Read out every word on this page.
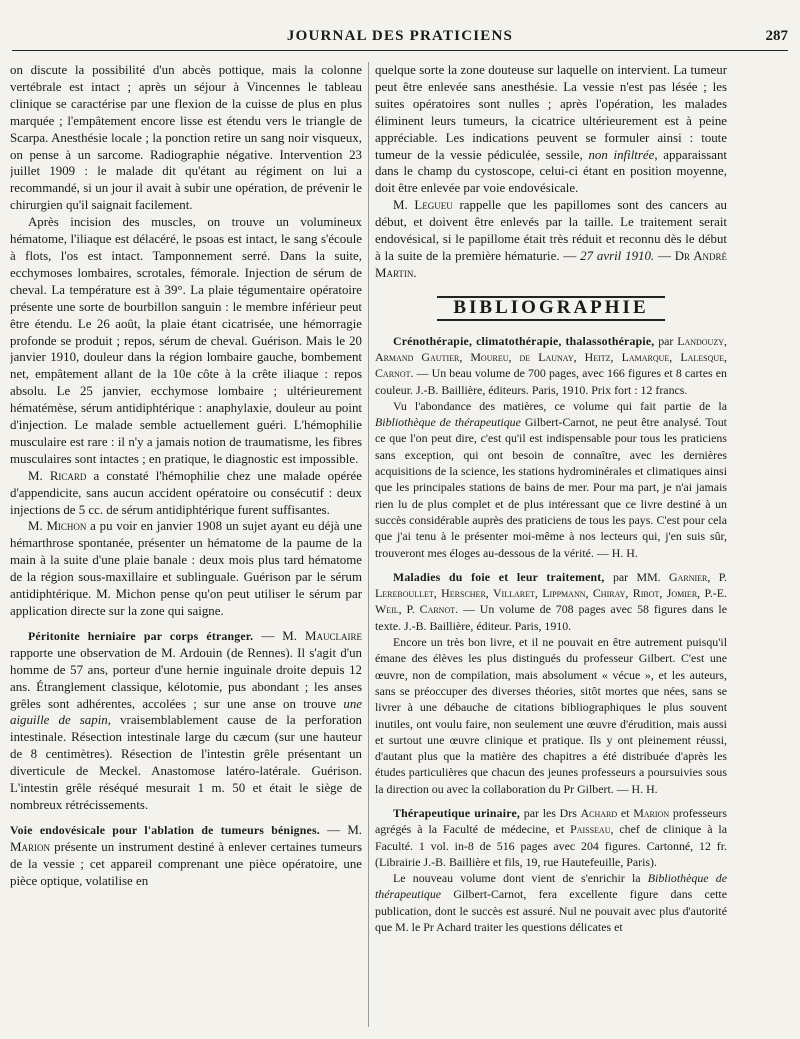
JOURNAL DES PRATICIENS	287

on discute la possibilité d'un abcès pottique, mais la colonne vertébrale est intact ; après un séjour à Vincennes le tableau clinique se caractérise par une flexion de la cuisse de plus en plus marquée ; l'empâtement encore lisse est étendu vers le triangle de Scarpa. Anesthésie locale ; la ponction retire un sang noir visqueux, on pense à un sarcome. Radiographie négative. Intervention 23 juillet 1909 : le malade dit qu'étant au régiment on lui a recommandé, si un jour il avait à subir une opération, de prévenir le chirurgien qu'il saignait facilement.

Après incision des muscles, on trouve un volumineux hématome, l'iliaque est délacéré, le psoas est intact, le sang s'écoule à flots, l'os est intact. Tamponnement serré. Dans la suite, ecchymoses lombaires, scrotales, fémorale. Injection de sérum de cheval. La température est à 39°. La plaie tégumentaire opératoire présente une sorte de bourbillon sanguin : le membre inférieur peut être étendu. Le 26 août, la plaie étant cicatrisée, une hémorragie profonde se produit ; repos, sérum de cheval. Guérison. Mais le 20 janvier 1910, douleur dans la région lombaire gauche, bombement net, empâtement allant de la 10e côte à la crête iliaque : repos absolu. Le 25 janvier, ecchymose lombaire ; ultérieurement hématémèse, sérum antidiphtérique : anaphylaxie, douleur au point d'injection. Le malade semble actuellement guéri. L'hémophilie musculaire est rare : il n'y a jamais notion de traumatisme, les fibres musculaires sont intactes ; en pratique, le diagnostic est impossible.

M. Ricard a constaté l'hémophilie chez une malade opérée d'appendicite, sans aucun accident opératoire ou consécutif : deux injections de 5 cc. de sérum antidiphtérique furent suffisantes.

M. Michon a pu voir en janvier 1908 un sujet ayant eu déjà une hémarthrose spontanée, présenter un hématome de la paume de la main à la suite d'une plaie banale : deux mois plus tard hématome de la région sous-maxillaire et sublinguale. Guérison par le sérum antidiphtérique. M. Michon pense qu'on peut utiliser le sérum par application directe sur la zone qui saigne.

Péritonite herniaire par corps étranger. — M. Mauclaire rapporte une observation de M. Ardouin (de Rennes). Il s'agit d'un homme de 57 ans, porteur d'une hernie inguinale droite depuis 12 ans. Étranglement classique, kélotomie, pus abondant ; les anses grêles sont adhérentes, accolées ; sur une anse on trouve une aiguille de sapin, vraisemblablement cause de la perforation intestinale. Résection intestinale large du cæcum (sur une hauteur de 8 centimètres). Résection de l'intestin grêle présentant un diverticule de Meckel. Anastomose latéro-latérale. Guérison. L'intestin grêle réséqué mesurait 1 m. 50 et était le siège de nombreux rétrécissements.

Voie endovésicale pour l'ablation de tumeurs bénignes. — M. Marion présente un instrument destiné à enlever certaines tumeurs de la vessie ; cet appareil comprenant une pièce opératoire, une pièce optique, volatilise en

quelque sorte la zone douteuse sur laquelle on intervient. La tumeur peut être enlevée sans anesthésie. La vessie n'est pas lésée ; les suites opératoires sont nulles ; après l'opération, les malades éliminent leurs tumeurs, la cicatrice ultérieurement est à peine appréciable. Les indications peuvent se formuler ainsi : toute tumeur de la vessie pédiculée, sessile, non infiltrée, apparaissant dans le champ du cystoscope, celui-ci étant en position moyenne, doit être enlevée par voie endovésicale.

M. Legueu rappelle que les papillomes sont des cancers au début, et doivent être enlevés par la taille. Le traitement serait endovésical, si le papillome était très réduit et reconnu dès le début à la suite de la première hématurie. — 27 avril 1910. — Dr André Martin.

BIBLIOGRAPHIE

Crénothérapie, climatothérapie, thalassothérapie, par Landouzy, Armand Gautier, Moureu, de Launay, Heitz, Lamarque, Lalesque, Carnot. — Un beau volume de 700 pages, avec 166 figures et 8 cartes en couleur. J.-B. Baillière, éditeurs. Paris, 1910. Prix fort : 12 francs.

Vu l'abondance des matières, ce volume qui fait partie de la Bibliothèque de thérapeutique Gilbert-Carnot, ne peut être analysé. Tout ce que l'on peut dire, c'est qu'il est indispensable pour tous les praticiens sans exception, qui ont besoin de connaître, avec les dernières acquisitions de la science, les stations hydrominérales et climatiques ainsi que les principales stations de bains de mer. Pour ma part, je n'ai jamais rien lu de plus complet et de plus intéressant que ce livre destiné à un succès considérable auprès des praticiens de tous les pays. C'est pour cela que j'ai tenu à le présenter moi-même à nos lecteurs qui, j'en suis sûr, trouveront mes éloges au-dessous de la vérité. — H. H.

Maladies du foie et leur traitement, par MM. Garnier, P. Lereboullet, Herscher, Villaret, Lippmann, Chiray, Ribot, Jomier, P.-E. Weil, P. Carnot. — Un volume de 708 pages avec 58 figures dans le texte. J.-B. Baillière, éditeur. Paris, 1910.

Encore un très bon livre, et il ne pouvait en être autrement puisqu'il émane des élèves les plus distingués du professeur Gilbert. C'est une œuvre, non de compilation, mais absolument « vécue », et les auteurs, sans se préoccuper des diverses théories, sitôt mortes que nées, sans se livrer à une débauche de citations bibliographiques le plus souvent inutiles, ont voulu faire, non seulement une œuvre d'érudition, mais aussi et surtout une œuvre clinique et pratique. Ils y ont pleinement réussi, d'autant plus que la matière des chapitres a été distribuée d'après les études particulières que chacun des jeunes professeurs a poursuivies sous la direction ou avec la collaboration du Pr Gilbert. — H. H.

Thérapeutique urinaire, par les Drs Achard et Marion professeurs agrégés à la Faculté de médecine, et Paisseau, chef de clinique à la Faculté. 1 vol. in-8 de 516 pages avec 204 figures. Cartonné, 12 fr. (Librairie J.-B. Baillière et fils, 19, rue Hautefeuille, Paris).

Le nouveau volume dont vient de s'enrichir la Bibliothèque de thérapeutique Gilbert-Carnot, fera excellente figure dans cette publication, dont le succès est assuré. Nul ne pouvait avec plus d'autorité que M. le Pr Achard traiter les questions délicates et
